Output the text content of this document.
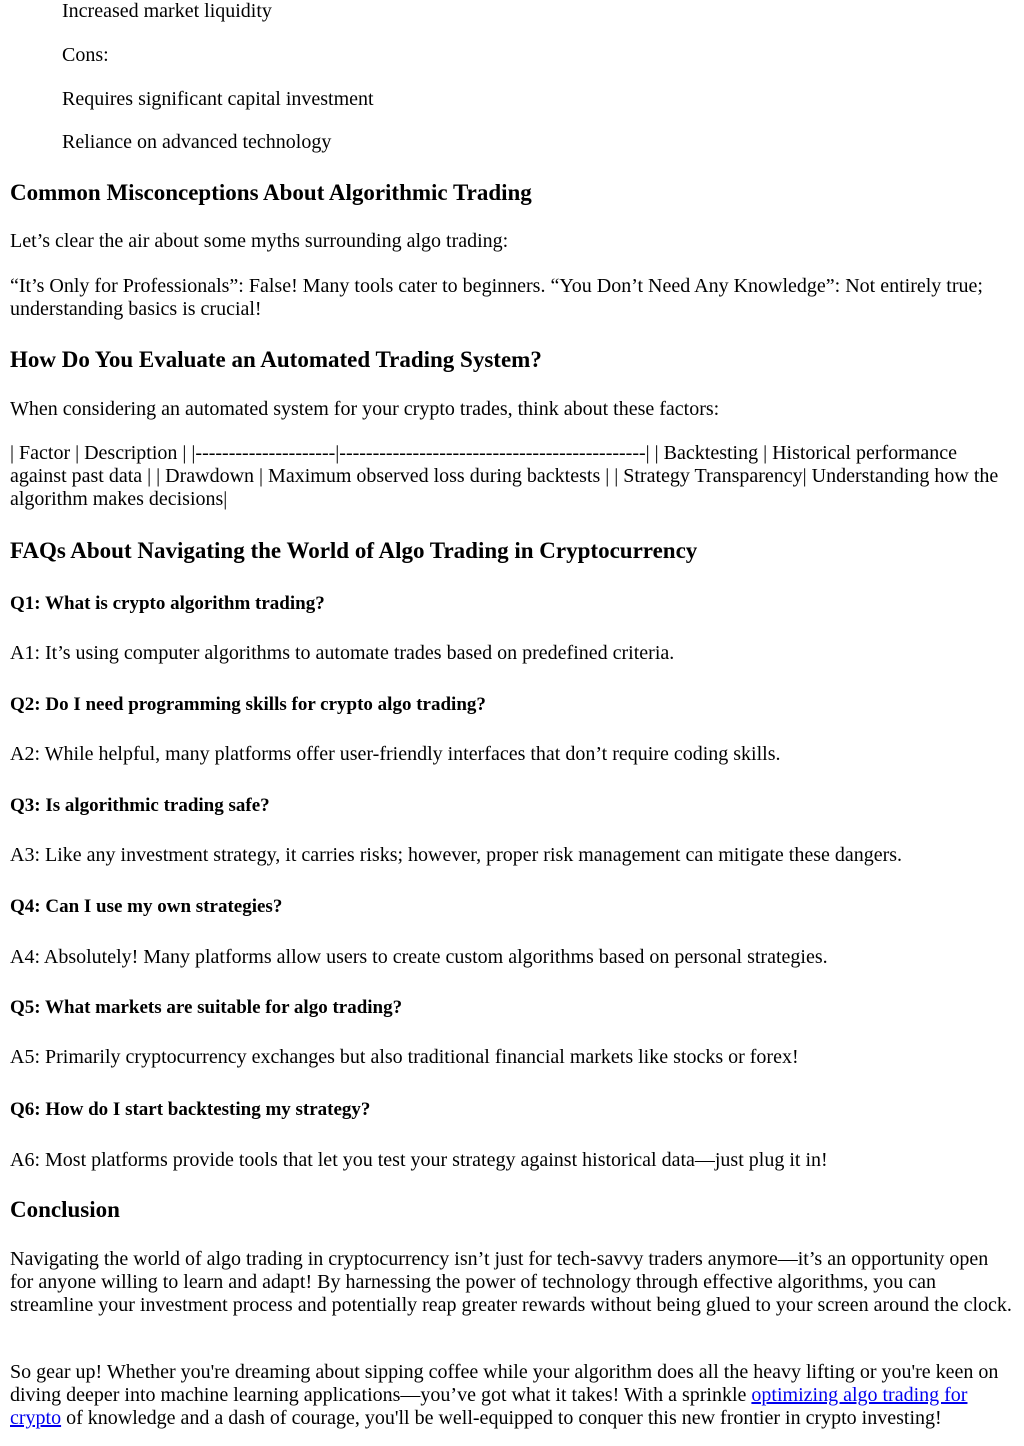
Increased market liquidity

Cons:

Requires significant capital investment

Reliance on advanced technology

Common Misconceptions About Algorithmic Trading

Let’s clear the air about some myths surrounding algo trading:

“It’s Only for Professionals”: False! Many tools cater to beginners. “You Don’t Need Any Knowledge”: Not entirely true; understanding basics is crucial!

How Do You Evaluate an Automated Trading System?

When considering an automated system for your crypto trades, think about these factors:

| Factor | Description | |---------------------|----------------------------------------------| | Backtesting | Historical performance against past data | | Drawdown | Maximum observed loss during backtests | | Strategy Transparency| Understanding how the algorithm makes decisions|

FAQs About Navigating the World of Algo Trading in Cryptocurrency

Q1: What is crypto algorithm trading?

A1: It’s using computer algorithms to automate trades based on predefined criteria.

Q2: Do I need programming skills for crypto algo trading?

A2: While helpful, many platforms offer user-friendly interfaces that don’t require coding skills.

Q3: Is algorithmic trading safe?

A3: Like any investment strategy, it carries risks; however, proper risk management can mitigate these dangers.

Q4: Can I use my own strategies?

A4: Absolutely! Many platforms allow users to create custom algorithms based on personal strategies.

Q5: What markets are suitable for algo trading?

A5: Primarily cryptocurrency exchanges but also traditional financial markets like stocks or forex!

Q6: How do I start backtesting my strategy?

A6: Most platforms provide tools that let you test your strategy against historical data—just plug it in!

Conclusion

Navigating the world of algo trading in cryptocurrency isn’t just for tech-savvy traders anymore—it’s an opportunity open for anyone willing to learn and adapt! By harnessing the power of technology through effective algorithms, you can streamline your investment process and potentially reap greater rewards without being glued to your screen around the clock.

So gear up! Whether you're dreaming about sipping coffee while your algorithm does all the heavy lifting or you're keen on diving deeper into machine learning applications—you’ve got what it takes! With a sprinkle optimizing algo trading for crypto of knowledge and a dash of courage, you'll be well-equipped to conquer this new frontier in crypto investing!
